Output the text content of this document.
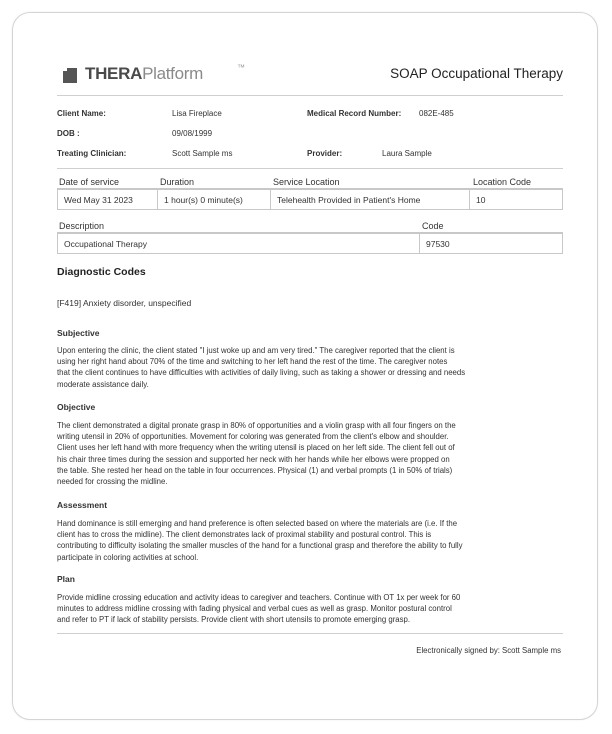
THERAPlatform	™	SOAP Occupational Therapy
Client Name:	Lisa Fireplace	Medical Record Number: 082E-485
DOB :	09/08/1999
Treating Clinician:	Scott Sample ms	Provider:	Laura Sample
Date of service	Duration	Service Location	Location Code
Wed May 31 2023	1 hour(s) 0 minute(s)	Telehealth Provided in Patient's Home	10
Description	Code
Occupational Therapy	97530
Diagnostic Codes
[F419] Anxiety disorder, unspecified
Subjective
Upon entering the clinic, the client stated "I just woke up and am very tired." The caregiver reported that the client is
using her right hand about 70% of the time and switching to her left hand the rest of the time. The caregiver notes
that the client continues to have difficulties with activities of daily living, such as taking a shower or dressing and needs
moderate assistance daily.
Objective
The client demonstrated a digital pronate grasp in 80% of opportunities and a violin grasp with all four fingers on the
writing utensil in 20% of opportunities. Movement for coloring was generated from the client's elbow and shoulder.
Client uses her left hand with more frequency when the writing utensil is placed on her left side. The client fell out of
his chair three times during the session and supported her neck with her hands while her elbows were propped on
the table. She rested her head on the table in four occurrences. Physical (1) and verbal prompts (1 in 50% of trials)
needed for crossing the midline.
Assessment
Hand dominance is still emerging and hand preference is often selected based on where the materials are (i.e. If the
client has to cross the midline). The client demonstrates lack of proximal stability and postural control. This is
contributing to difficulty isolating the smaller muscles of the hand for a functional grasp and therefore the ability to fully
participate in coloring activities at school.
Plan
Provide midline crossing education and activity ideas to caregiver and teachers. Continue with OT 1x per week for 60
minutes to address midline crossing with fading physical and verbal cues as well as grasp. Monitor postural control
and refer to PT if lack of stability persists. Provide client with short utensils to promote emerging grasp.
Electronically signed by: Scott Sample ms
